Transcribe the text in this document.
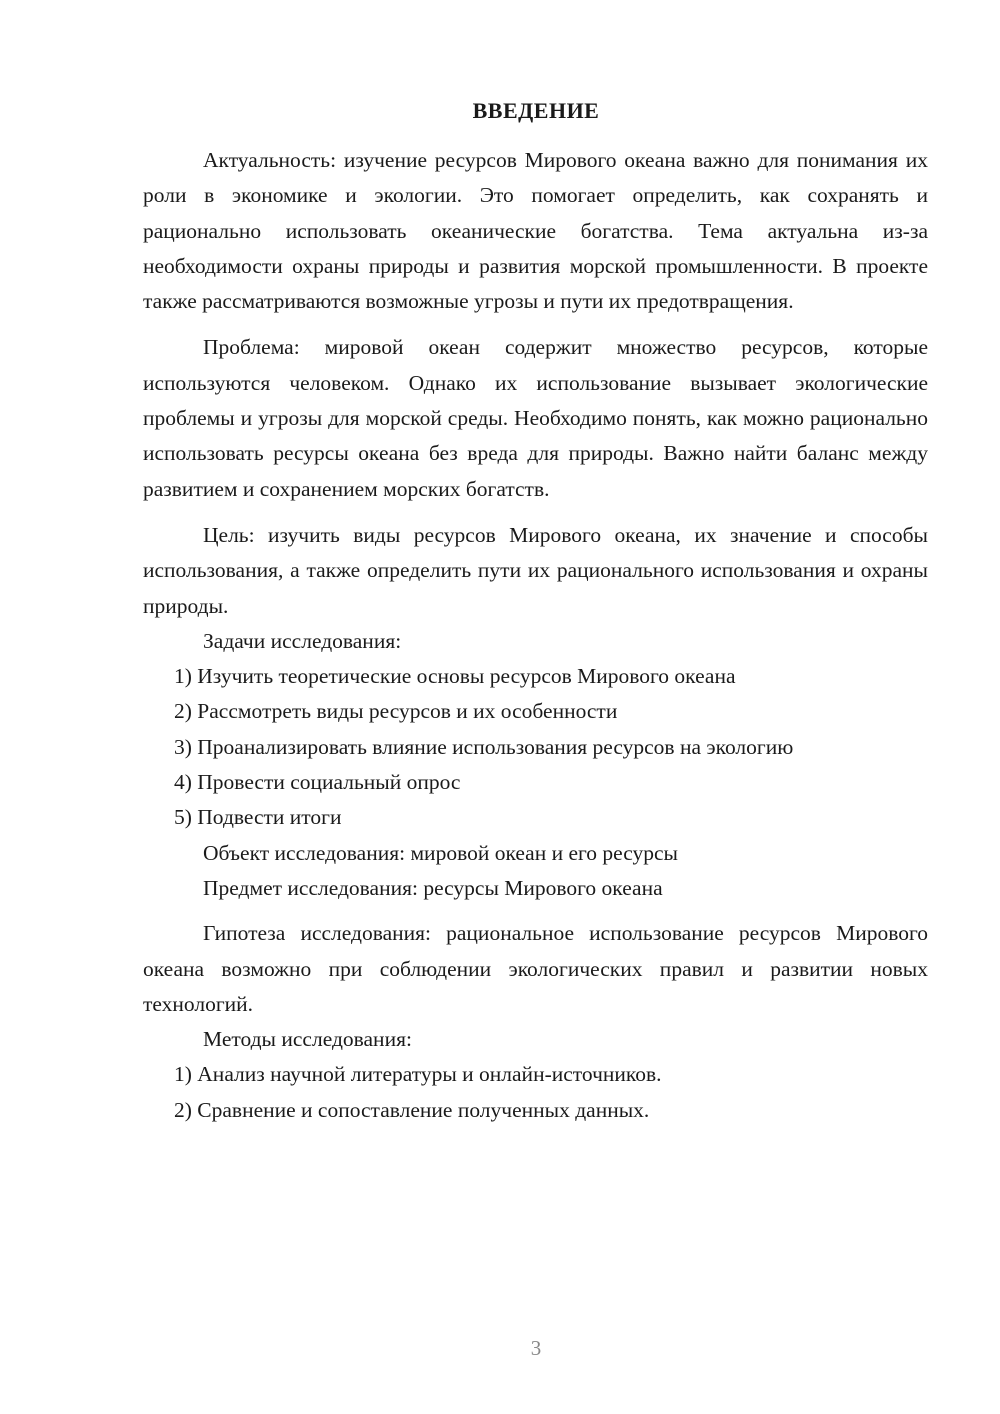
ВВЕДЕНИЕ

Актуальность: изучение ресурсов Мирового океана важно для понимания их роли в экономике и экологии. Это помогает определить, как сохранять и рационально использовать океанические богатства. Тема актуальна из-за необходимости охраны природы и развития морской промышленности. В проекте также рассматриваются возможные угрозы и пути их предотвращения.

Проблема: мировой океан содержит множество ресурсов, которые используются человеком. Однако их использование вызывает экологические проблемы и угрозы для морской среды. Необходимо понять, как можно рационально использовать ресурсы океана без вреда для природы. Важно найти баланс между развитием и сохранением морских богатств.

Цель: изучить виды ресурсов Мирового океана, их значение и способы использования, а также определить пути их рационального использования и охраны природы.

Задачи исследования:

1) Изучить теоретические основы ресурсов Мирового океана

2) Рассмотреть виды ресурсов и их особенности

3) Проанализировать влияние использования ресурсов на экологию

4) Провести социальный опрос

5) Подвести итоги

Объект исследования: мировой океан и его ресурсы

Предмет исследования: ресурсы Мирового океана

Гипотеза исследования: рациональное использование ресурсов Мирового океана возможно при соблюдении экологических правил и развитии новых технологий.

Методы исследования:

1) Анализ научной литературы и онлайн-источников.

2) Сравнение и сопоставление полученных данных.

3
